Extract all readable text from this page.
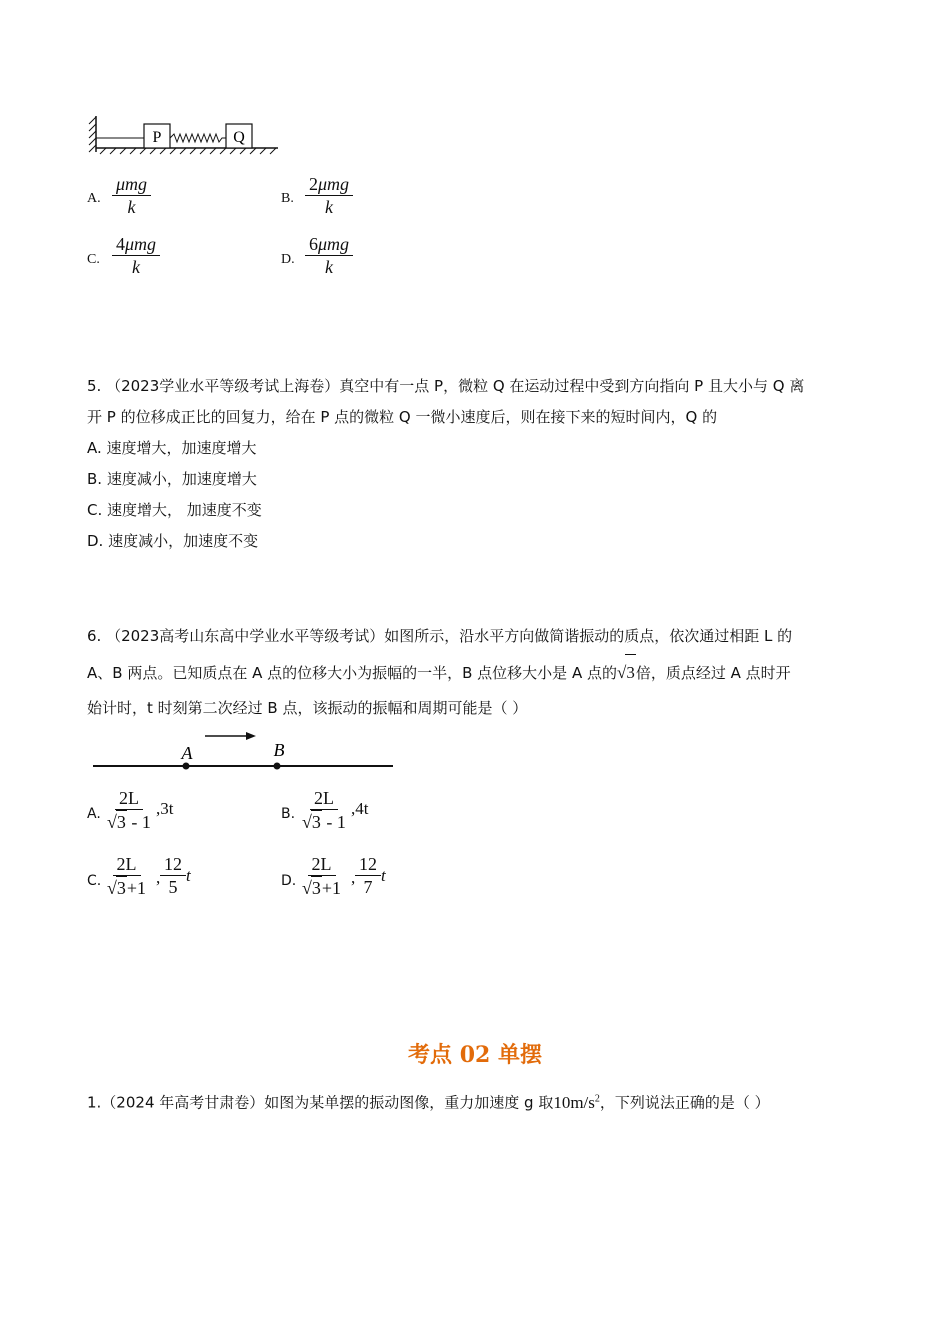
P	Q
A.
μmg
k	B.
2μmg
k
C.
4μmg
k	D.
6μmg
k

5. （2023学业水平等级考试上海卷）真空中有一点 P，微粒 Q 在运动过程中受到方向指向 P 且大小与 Q 离

开 P 的位移成正比的回复力，给在 P 点的微粒 Q 一微小速度后，则在接下来的短时间内，Q 的

A. 速度增大，加速度增大

B. 速度减小，加速度增大

C. 速度增大， 加速度不变

D. 速度减小，加速度不变

6. （2023高考山东高中学业水平等级考试）如图所示，沿水平方向做简谐振动的质点，依次通过相距 L 的

A、B 两点。已知质点在 A 点的位移大小为振幅的一半，B 点位移大小是 A 点的√3倍，质点经过 A 点时开

始计时，t 时刻第二次经过 B 点，该振动的振幅和周期可能是（ ）

A	B
A. $\frac{2L}{√3 - 1} ,3t$	B. $\frac{2L}{√3 - 1} ,4t$
C. $\frac{2L}{√3+1}$ , $\frac{12}{5}$ t	D. $\frac{2L}{√3+1}$ , $\frac{12}{7}$ t
考点 02 单摆

1.（2024 年高考甘肃卷）如图为某单摆的振动图像，重力加速度 g 取$10m/s^2$，下列说法正确的是（ ）
